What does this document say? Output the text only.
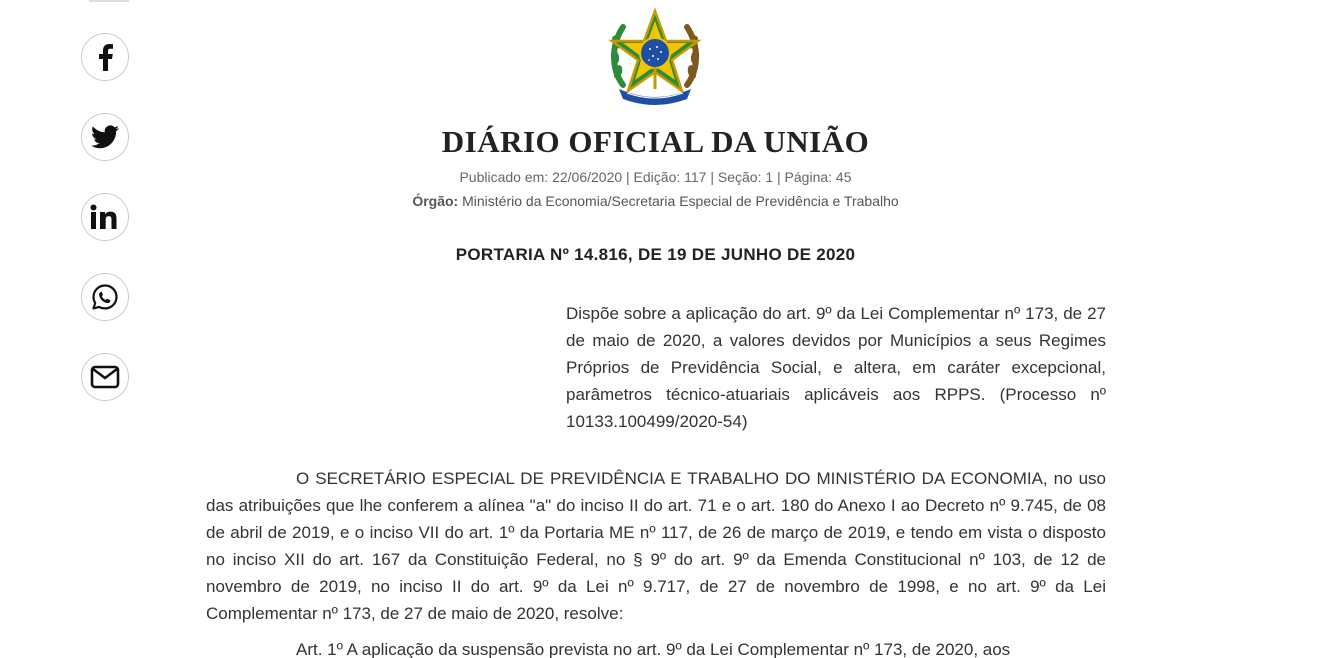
DIÁRIO OFICIAL DA UNIÃO
Publicado em: 22/06/2020 | Edição: 117 | Seção: 1 | Página: 45
Órgão: Ministério da Economia/Secretaria Especial de Previdência e Trabalho
PORTARIA Nº 14.816, DE 19 DE JUNHO DE 2020
Dispõe sobre a aplicação do art. 9º da Lei Complementar nº 173, de 27 de maio de 2020, a valores devidos por Municípios a seus Regimes Próprios de Previdência Social, e altera, em caráter excepcional, parâmetros técnico-atuariais aplicáveis aos RPPS. (Processo nº 10133.100499/2020-54)

O SECRETÁRIO ESPECIAL DE PREVIDÊNCIA E TRABALHO DO MINISTÉRIO DA ECONOMIA, no uso das atribuições que lhe conferem a alínea "a" do inciso II do art. 71 e o art. 180 do Anexo I ao Decreto nº 9.745, de 08 de abril de 2019, e o inciso VII do art. 1º da Portaria ME nº 117, de 26 de março de 2019, e tendo em vista o disposto no inciso XII do art. 167 da Constituição Federal, no § 9º do art. 9º da Emenda Constitucional nº 103, de 12 de novembro de 2019, no inciso II do art. 9º da Lei nº 9.717, de 27 de novembro de 1998, e no art. 9º da Lei Complementar nº 173, de 27 de maio de 2020, resolve:

Art. 1º A aplicação da suspensão prevista no art. 9º da Lei Complementar nº 173, de 2020, aos
